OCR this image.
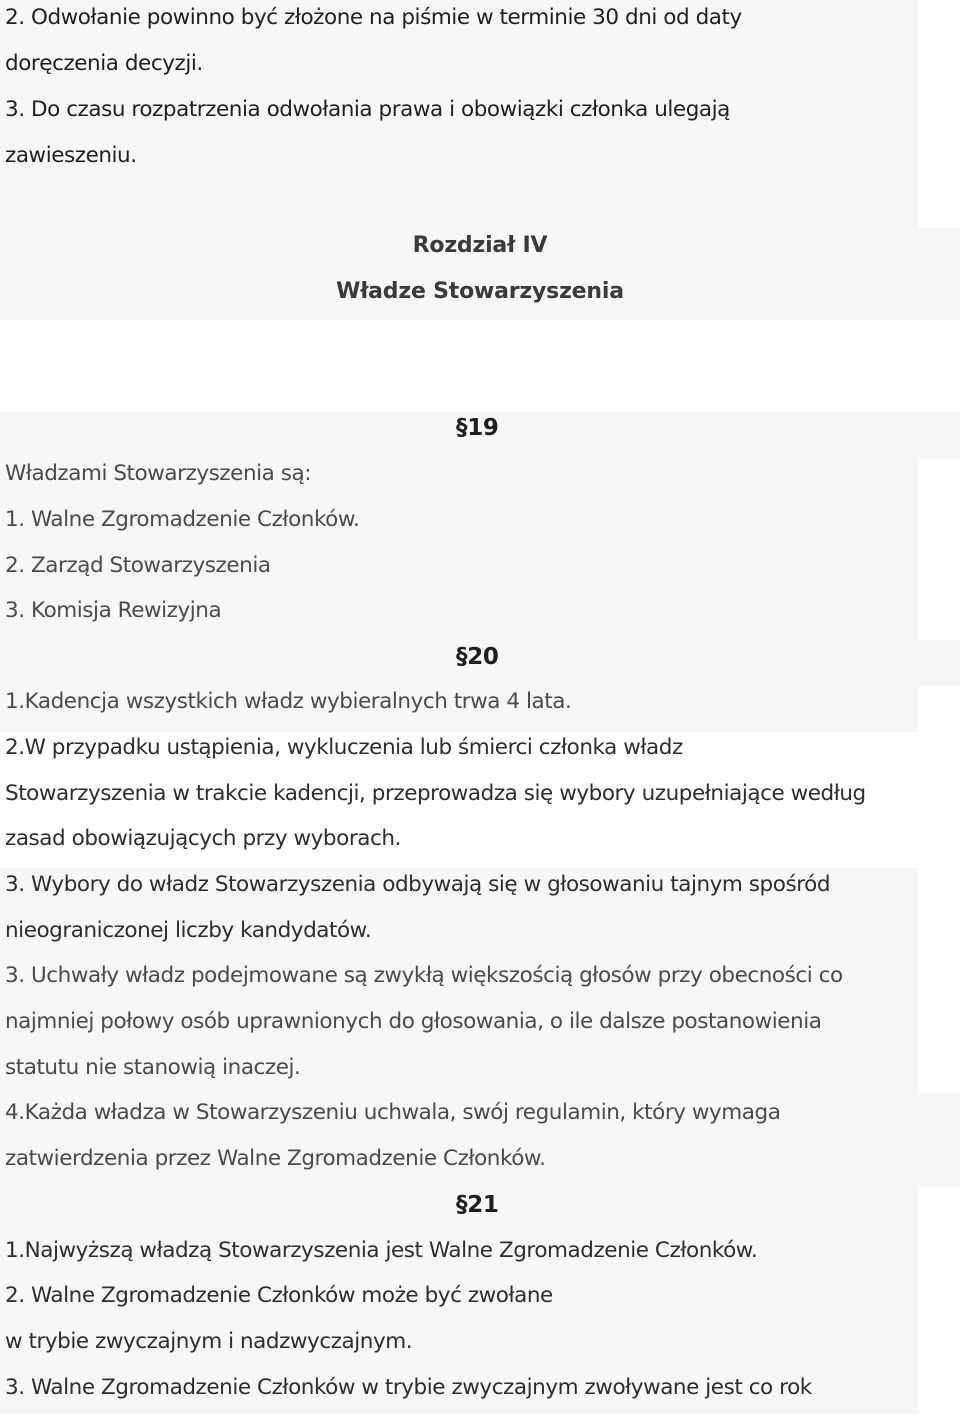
2. Odwołanie powinno być złożone na piśmie w terminie 30 dni od daty
doręczenia decyzji.
3. Do czasu rozpatrzenia odwołania prawa i obowiązki członka ulegają
zawieszeniu.
Rozdział IV
Władze Stowarzyszenia
§19
Władzami Stowarzyszenia są:
1. Walne Zgromadzenie Członków.
2. Zarząd Stowarzyszenia
3. Komisja Rewizyjna
§20
1.Kadencja wszystkich władz wybieralnych trwa 4 lata.
2.W przypadku ustąpienia, wykluczenia lub śmierci członka władz
Stowarzyszenia w trakcie kadencji, przeprowadza się wybory uzupełniające według
zasad obowiązujących przy wyborach.
3. Wybory do władz Stowarzyszenia odbywają się w głosowaniu tajnym spośród
nieograniczonej liczby kandydatów.
3. Uchwały władz podejmowane są zwykłą większością głosów przy obecności co
najmniej połowy osób uprawnionych do głosowania, o ile dalsze postanowienia
statutu nie stanowią inaczej.
4.Każda władza w Stowarzyszeniu uchwala, swój regulamin, który wymaga
zatwierdzenia przez Walne Zgromadzenie Członków.
§21
1.Najwyższą władzą Stowarzyszenia jest Walne Zgromadzenie Członków.
2. Walne Zgromadzenie Członków może być zwołane
w trybie zwyczajnym i nadzwyczajnym.
3. Walne Zgromadzenie Członków w trybie zwyczajnym zwoływane jest co rok
